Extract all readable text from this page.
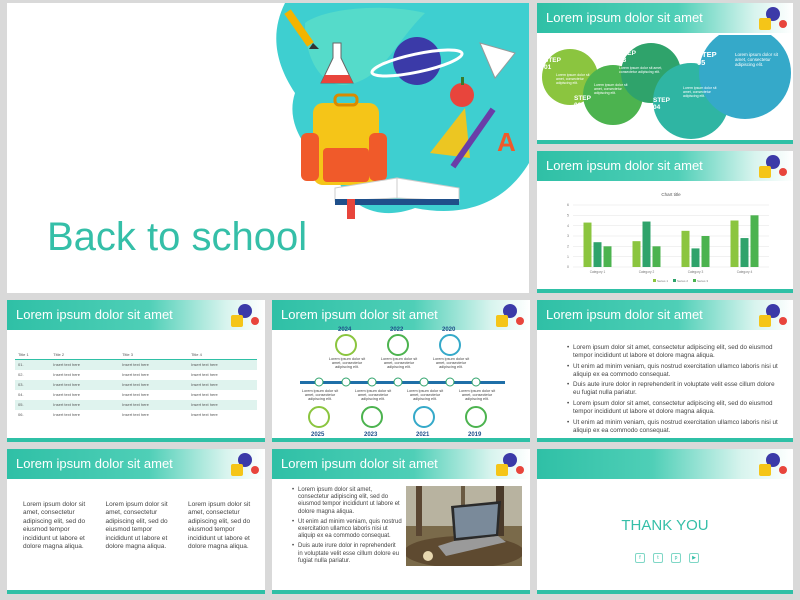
A
Back to school
Lorem ipsum dolor sit amet
STEP 01
Lorem ipsum dolor sit amet, consectetur adipiscing elit.	Lorem ipsum dolor sit amet, consectetur adipiscing elit.
STEP 02
STEP 03
Lorem ipsum dolor sit amet, consectetur adipiscing elit.
Lorem ipsum dolor sit amet, consectetur adipiscing elit.
STEP 04
STEP 05
Lorem ipsum dolor sit amet, consectetur adipiscing elit.
Lorem ipsum dolor sit amet
Chart title
0
1
2
3
4
5
6
Category 1	Category 2	Category 3	Category 4
Series 1	Series 2	Series 3
Lorem ipsum dolor sit amet
Title 1	Title 2	Title 3	Title 4
01.	Insert text here	Insert text here	Insert text here
02.	Insert text here	Insert text here	Insert text here
03.	Insert text here	Insert text here	Insert text here
04.	Insert text here	Insert text here	Insert text here
05.	Insert text here	Insert text here	Insert text here
06.	Insert text here	Insert text here	Insert text here
Lorem ipsum dolor sit amet
2024	2022	2020
Lorem ipsum dolor sit amet, consectetur adipiscing elit.
Lorem ipsum dolor sit amet, consectetur adipiscing elit.
Lorem ipsum dolor sit amet, consectetur adipiscing elit.
Lorem ipsum dolor sit amet, consectetur adipiscing elit.
Lorem ipsum dolor sit amet, consectetur adipiscing elit.
Lorem ipsum dolor sit amet, consectetur adipiscing elit.
Lorem ipsum dolor sit amet, consectetur adipiscing elit.
2025	2023	2021	2019
Lorem ipsum dolor sit amet
• Lorem ipsum dolor sit amet, consectetur adipiscing elit, sed do eiusmod tempor incididunt ut labore et dolore magna aliqua.
• Ut enim ad minim veniam, quis nostrud exercitation ullamco laboris nisi ut aliquip ex ea commodo consequat.
• Duis aute irure dolor in reprehenderit in voluptate velit esse cillum dolore eu fugiat nulla pariatur.
• Lorem ipsum dolor sit amet, consectetur adipiscing elit, sed do eiusmod tempor incididunt ut labore et dolore magna aliqua.
• Ut enim ad minim veniam, quis nostrud exercitation ullamco laboris nisi ut aliquip ex ea commodo consequat.
Lorem ipsum dolor sit amet
Lorem ipsum dolor sit amet, consectetur adipiscing elit, sed do eiusmod tempor incididunt ut labore et dolore magna aliqua.
Lorem ipsum dolor sit amet, consectetur adipiscing elit, sed do eiusmod tempor incididunt ut labore et dolore magna aliqua.
Lorem ipsum dolor sit amet, consectetur adipiscing elit, sed do eiusmod tempor incididunt ut labore et dolore magna aliqua.
Lorem ipsum dolor sit amet
• Lorem ipsum dolor sit amet, consectetur adipiscing elit, sed do eiusmod tempor incididunt ut labore et dolore magna aliqua.
• Ut enim ad minim veniam, quis nostrud exercitation ullamco laboris nisi ut aliquip ex ea commodo consequat.
• Duis aute irure dolor in reprehenderit in voluptate velit esse cillum dolore eu fugiat nulla pariatur.
THANK YOU
f	t	p	▶
